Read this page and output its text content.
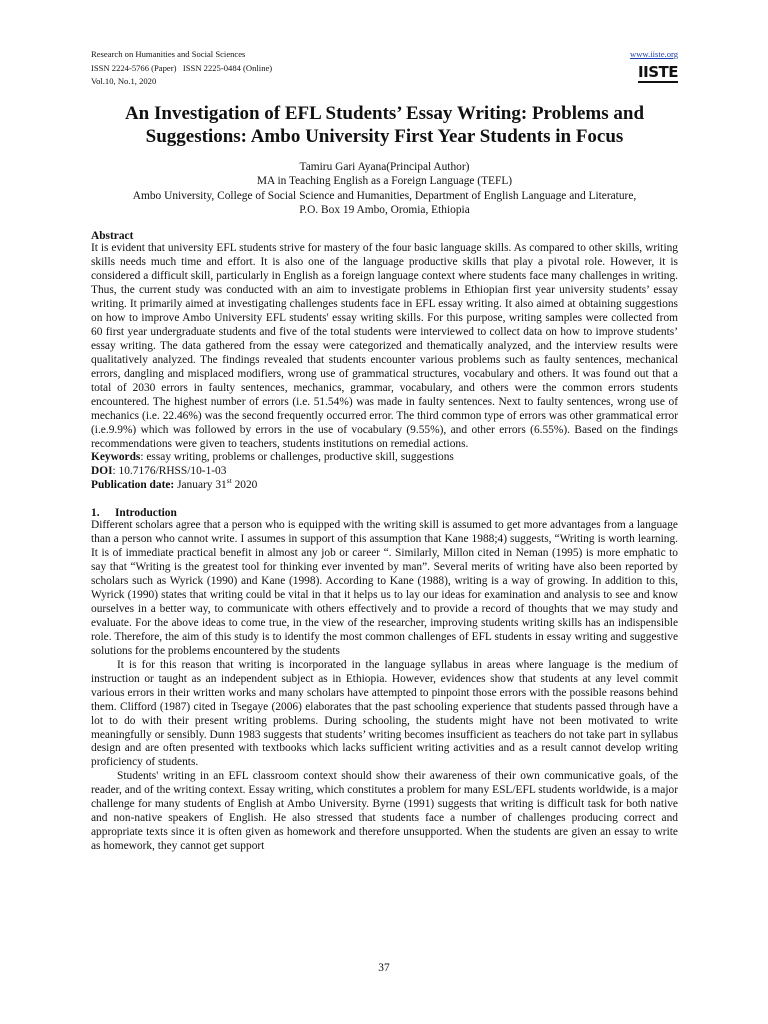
Research on Humanities and Social Sciences
ISSN 2224-5766 (Paper)   ISSN 2225-0484 (Online)
Vol.10, No.1, 2020
www.iiste.org
IISTE
An Investigation of EFL Students’ Essay Writing: Problems and Suggestions: Ambo University First Year Students in Focus
Tamiru Gari Ayana(Principal Author)
MA in Teaching English as a Foreign Language (TEFL)
Ambo University, College of Social Science and Humanities, Department of English Language and Literature,
P.O. Box 19 Ambo, Oromia, Ethiopia
Abstract

It is evident that university EFL students strive for mastery of the four basic language skills. As compared to other skills, writing skills needs much time and effort. It is also one of the language productive skills that play a pivotal role. However, it is considered a difficult skill, particularly in English as a foreign language context where students face many challenges in writing. Thus, the current study was conducted with an aim to investigate problems in Ethiopian first year university students’ essay writing. It primarily aimed at investigating challenges students face in EFL essay writing. It also aimed at obtaining suggestions on how to improve Ambo University EFL students' essay writing skills. For this purpose, writing samples were collected from 60 first year undergraduate students and five of the total students were interviewed to collect data on how to improve students’ essay writing. The data gathered from the essay were categorized and thematically analyzed, and the interview results were qualitatively analyzed. The findings revealed that students encounter various problems such as faulty sentences, mechanical errors, dangling and misplaced modifiers, wrong use of grammatical structures, vocabulary and others. It was found out that a total of 2030 errors in faulty sentences, mechanics, grammar, vocabulary, and others were the common errors students encountered. The highest number of errors (i.e. 51.54%) was made in faulty sentences. Next to faulty sentences, wrong use of mechanics (i.e. 22.46%) was the second frequently occurred error. The third common type of errors was other grammatical error (i.e.9.9%) which was followed by errors in the use of vocabulary (9.55%), and other errors (6.55%). Based on the findings recommendations were given to teachers, students institutions on remedial actions.

Keywords: essay writing, problems or challenges, productive skill, suggestions
DOI: 10.7176/RHSS/10-1-03
Publication date: January 31st 2020
1. Introduction

Different scholars agree that a person who is equipped with the writing skill is assumed to get more advantages from a language than a person who cannot write. I assumes in support of this assumption that Kane 1988;4) suggests, “Writing is worth learning. It is of immediate practical benefit in almost any job or career “. Similarly, Millon cited in Neman (1995) is more emphatic to say that “Writing is the greatest tool for thinking ever invented by man”. Several merits of writing have also been reported by scholars such as Wyrick (1990) and Kane (1998). According to Kane (1988), writing is a way of growing. In addition to this, Wyrick (1990) states that writing could be vital in that it helps us to lay our ideas for examination and analysis to see and know ourselves in a better way, to communicate with others effectively and to provide a record of thoughts that we may study and evaluate. For the above ideas to come true, in the view of the researcher, improving students writing skills has an indispensible role. Therefore, the aim of this study is to identify the most common challenges of EFL students in essay writing and suggestive solutions for the problems encountered by the students

It is for this reason that writing is incorporated in the language syllabus in areas where language is the medium of instruction or taught as an independent subject as in Ethiopia. However, evidences show that students at any level commit various errors in their written works and many scholars have attempted to pinpoint those errors with the possible reasons behind them. Clifford (1987) cited in Tsegaye (2006) elaborates that the past schooling experience that students passed through have a lot to do with their present writing problems. During schooling, the students might have not been motivated to write meaningfully or sensibly. Dunn 1983 suggests that students’ writing becomes insufficient as teachers do not take part in syllabus design and are often presented with textbooks which lacks sufficient writing activities and as a result cannot develop writing proficiency of students.

Students' writing in an EFL classroom context should show their awareness of their own communicative goals, of the reader, and of the writing context. Essay writing, which constitutes a problem for many ESL/EFL students worldwide, is a major challenge for many students of English at Ambo University. Byrne (1991) suggests that writing is difficult task for both native and non-native speakers of English. He also stressed that students face a number of challenges producing correct and appropriate texts since it is often given as homework and therefore unsupported. When the students are given an essay to write as homework, they cannot get support

37
